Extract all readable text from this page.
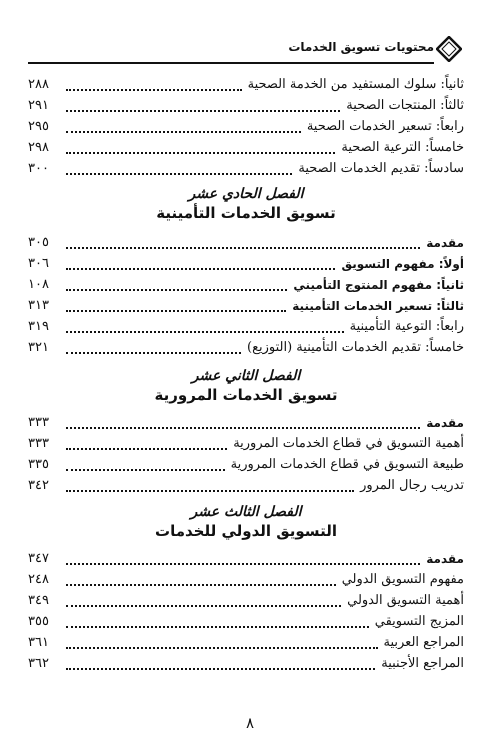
محتويات تسويق الخدمات
ثانياً: سلوك المستفيد من الخدمة الصحية
٢٨٨
ثالثاً: المنتجات الصحية
٢٩١
رابعاً: تسعير الخدمات الصحية
٢٩٥
خامساً: الترعية الصحية
٢٩٨
سادساً: تقديم الخدمات الصحية
٣٠٠
الفصل الحادي عشر
تسويق الخدمات التأمينية
مقدمة
٣٠٥
أولاً: مفهوم التسويق
٣٠٦
ثانياً: مفهوم المنتوج التأميني
١٠٨
ثالثاً: تسعير الخدمات التأمينية
٣١٣
رابعاً: التوعية التأمينية
٣١٩
خامساً: تقديم الخدمات التأمينية (التوزيع)
٣٢١
الفصل الثاني عشر
تسويق الخدمات المرورية
مقدمة
٣٣٣
أهمية التسويق في قطاع الخدمات المرورية
٣٣٣
طبيعة التسويق في قطاع الخدمات المرورية
٣٣٥
تدريب رجال المرور
٣٤٢
الفصل الثالث عشر
التسويق الدولي للخدمات
مقدمة
٣٤٧
مفهوم التسويق الدولي
٢٤٨
أهمية التسويق الدولي
٣٤٩
المزيج التسويقي
٣٥٥
المراجع العربية
٣٦١
المراجع الأجنبية
٣٦٢
٨
